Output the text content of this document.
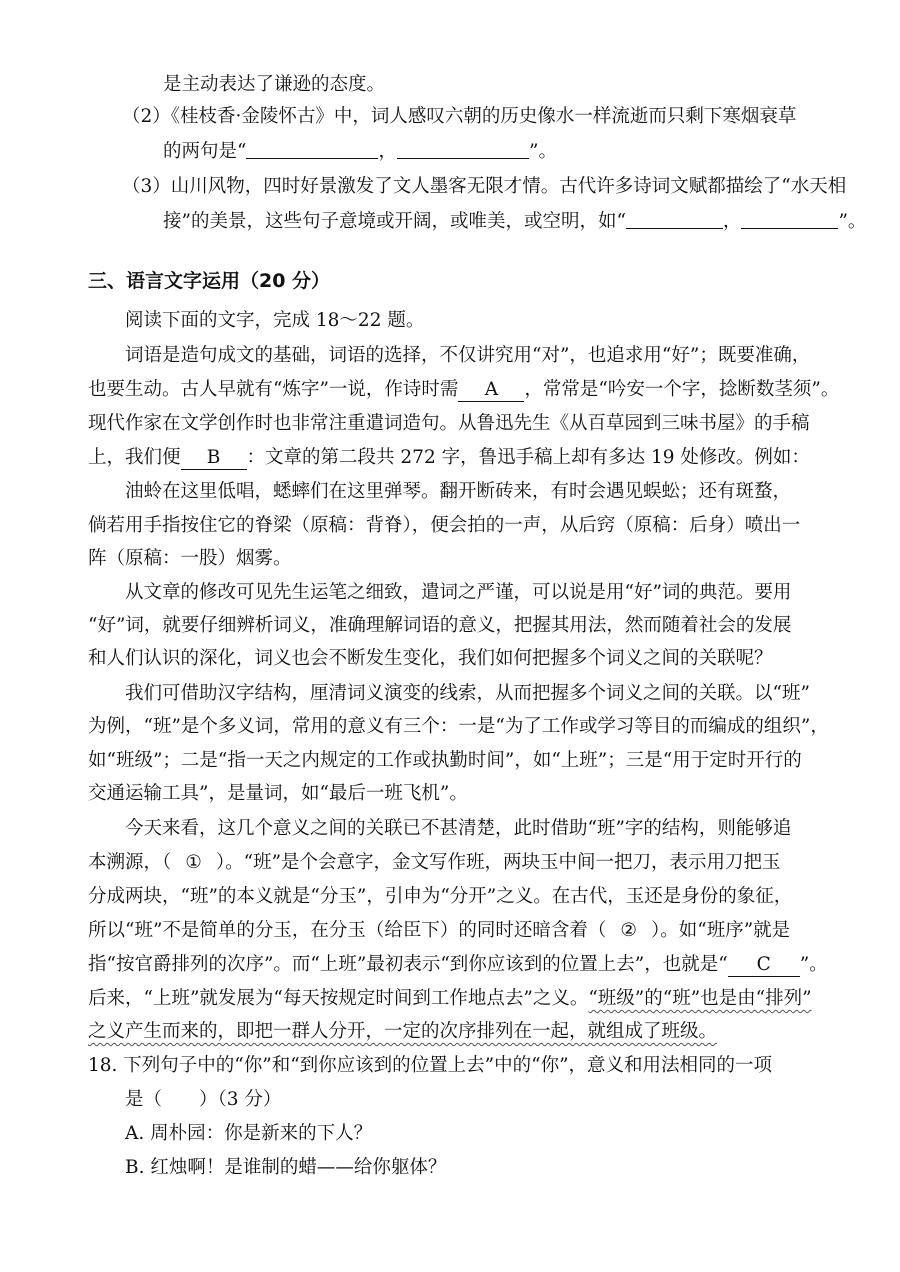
是主动表达了谦逊的态度。
（2）《桂枝香·金陵怀古》中，词人感叹六朝的历史像水一样流逝而只剩下寒烟衰草
的两句是“	，	”。
（3）山川风物，四时好景激发了文人墨客无限才情。古代许多诗词文赋都描绘了“水天相
接”的美景，这些句子意境或开阔，或唯美，或空明，如“	，	”。
三、语言文字运用（20 分）
阅读下面的文字，完成 18～22 题。
词语是造句成文的基础，词语的选择，不仅讲究用“对”，也追求用“好”；既要准确，
也要生动。古人早就有“炼字”一说，作诗时需 A ，常常是“吟安一个字，捻断数茎须”。
现代作家在文学创作时也非常注重遣词造句。从鲁迅先生《从百草园到三味书屋》的手稿
上，我们便 B ：文章的第二段共 272 字，鲁迅手稿上却有多达 19 处修改。例如：
油蛉在这里低唱，蟋蟀们在这里弹琴。翻开断砖来，有时会遇见蜈蚣；还有斑蝥，
倘若用手指按住它的脊梁（原稿：背脊），便会拍的一声，从后窍（原稿：后身）喷出一
阵（原稿：一股）烟雾。
从文章的修改可见先生运笔之细致，遣词之严谨，可以说是用“好”词的典范。要用
“好”词，就要仔细辨析词义，准确理解词语的意义，把握其用法，然而随着社会的发展
和人们认识的深化，词义也会不断发生变化，我们如何把握多个词义之间的关联呢？
我们可借助汉字结构，厘清词义演变的线索，从而把握多个词义之间的关联。以“班”
为例，“班”是个多义词，常用的意义有三个：一是“为了工作或学习等目的而编成的组织”，
如“班级”；二是“指一天之内规定的工作或执勤时间”，如“上班”；三是“用于定时开行的
交通运输工具”，是量词，如“最后一班飞机”。
今天来看，这几个意义之间的关联已不甚清楚，此时借助“班”字的结构，则能够追
本溯源，（ ① ）。“班”是个会意字，金文写作班，两块玉中间一把刀，表示用刀把玉
分成两块，“班”的本义就是“分玉”，引申为“分开”之义。在古代，玉还是身份的象征，
所以“班”不是简单的分玉，在分玉（给臣下）的同时还暗含着（ ② ）。如“班序”就是
指“按官爵排列的次序”。而“上班”最初表示“到你应该到的位置上去”，也就是“ C ”。
后来，“上班”就发展为“每天按规定时间到工作地点去”之义。“班级”的“班”也是由“排列”
之义产生而来的，即把一群人分开，一定的次序排列在一起，就组成了班级。
18. 下列句子中的“你”和“到你应该到的位置上去”中的“你”，意义和用法相同的一项
是（　　）（3 分）
A. 周朴园：你是新来的下人？
B. 红烛啊！是谁制的蜡——给你躯体？
